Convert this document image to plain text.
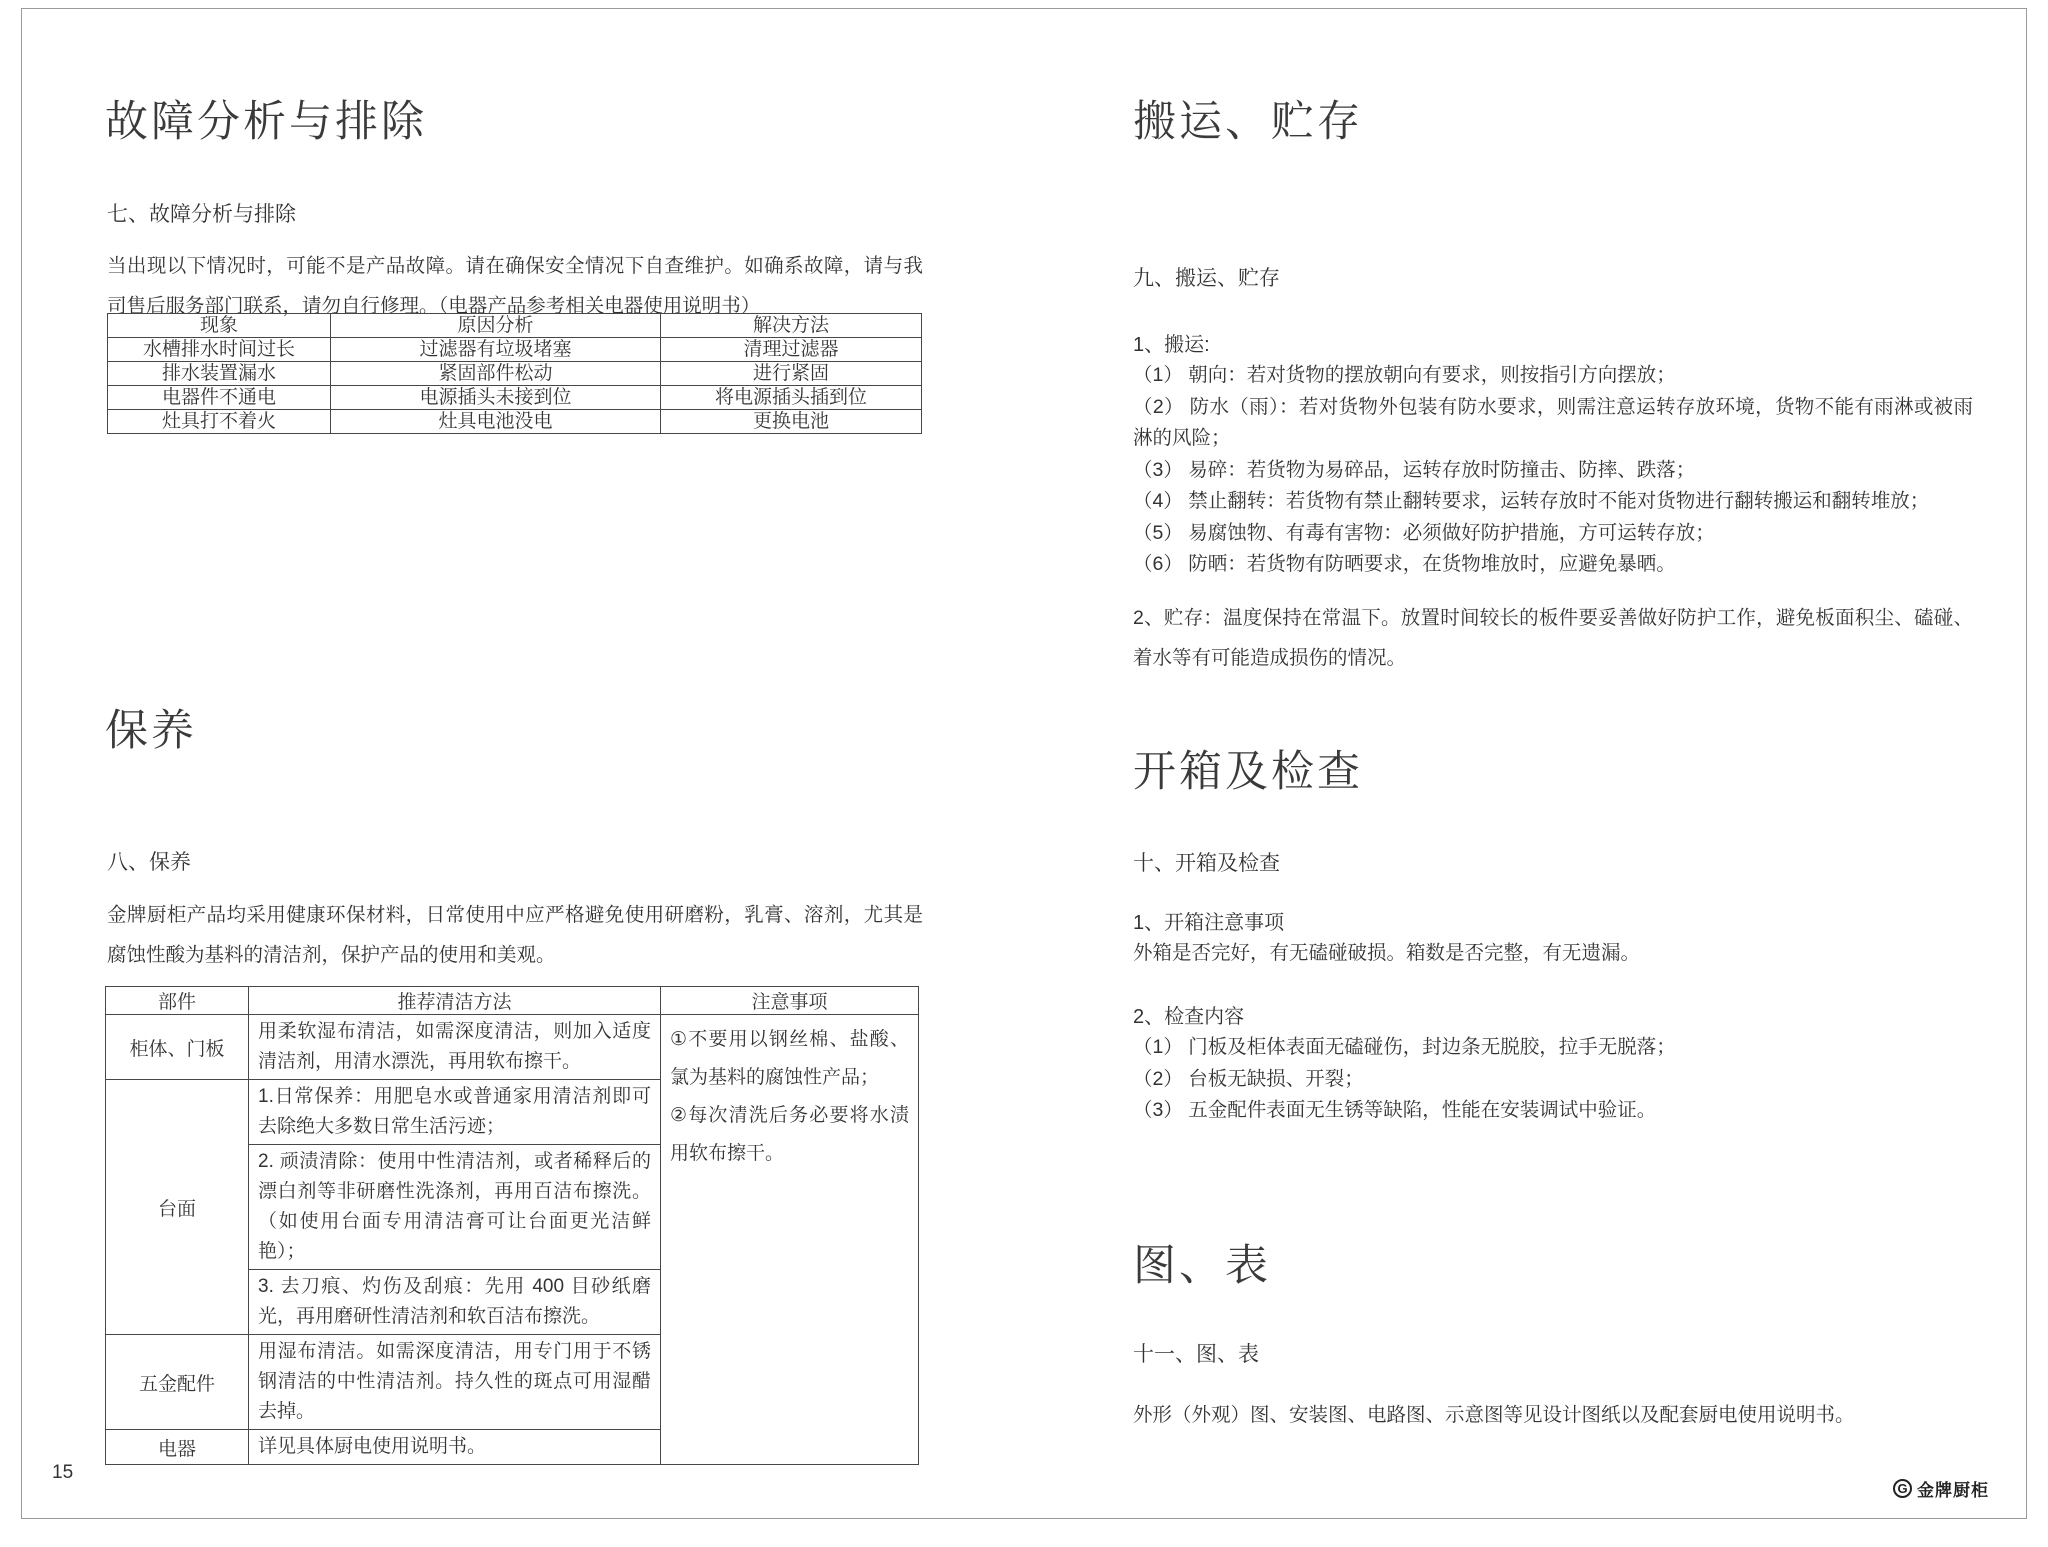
故障分析与排除
七、故障分析与排除
当出现以下情况时，可能不是产品故障。请在确保安全情况下自查维护。如确系故障，请与我司售后服务部门联系，请勿自行修理。（电器产品参考相关电器使用说明书）
现象	原因分析	解决方法
水槽排水时间过长	过滤器有垃圾堵塞	清理过滤器
排水装置漏水	紧固部件松动	进行紧固
电器件不通电	电源插头未接到位	将电源插头插到位
灶具打不着火	灶具电池没电	更换电池
保养
八、保养
金牌厨柜产品均采用健康环保材料，日常使用中应严格避免使用研磨粉，乳膏、溶剂，尤其是腐蚀性酸为基料的清洁剂，保护产品的使用和美观。
部件	推荐清洁方法	注意事项
柜体、门板	用柔软湿布清洁，如需深度清洁，则加入适度清洁剂，用清水漂洗，再用软布擦干。	①不要用以钢丝棉、盐酸、氯为基料的腐蚀性产品；
②每次清洗后务必要将水渍用软布擦干。

台面	1.日常保养：用肥皂水或普通家用清洁剂即可去除绝大多数日常生活污迹；	
	2. 顽渍清除：使用中性清洁剂，或者稀释后的漂白剂等非研磨性洗涤剂，再用百洁布擦洗。（如使用台面专用清洁膏可让台面更光洁鲜艳）；	
	3. 去刀痕、灼伤及刮痕：先用 400 目砂纸磨光，再用磨研性清洁剂和软百洁布擦洗。	
五金配件	用湿布清洁。如需深度清洁，用专门用于不锈钢清洁的中性清洁剂。持久性的斑点可用湿醋去掉。	
电器	详见具体厨电使用说明书。	
搬运、贮存
九、搬运、贮存
1、搬运:
（1） 朝向：若对货物的摆放朝向有要求，则按指引方向摆放；
（2） 防水（雨）：若对货物外包装有防水要求，则需注意运转存放环境，货物不能有雨淋或被雨淋的风险；
（3） 易碎：若货物为易碎品，运转存放时防撞击、防摔、跌落；
（4） 禁止翻转：若货物有禁止翻转要求，运转存放时不能对货物进行翻转搬运和翻转堆放；
（5） 易腐蚀物、有毒有害物：必须做好防护措施，方可运转存放；
（6） 防晒：若货物有防晒要求，在货物堆放时，应避免暴晒。
2、贮存：温度保持在常温下。放置时间较长的板件要妥善做好防护工作，避免板面积尘、磕碰、着水等有可能造成损伤的情况。
开箱及检查
十、开箱及检查
1、开箱注意事项
外箱是否完好，有无磕碰破损。箱数是否完整，有无遗漏。
2、检查内容
（1） 门板及柜体表面无磕碰伤，封边条无脱胶，拉手无脱落；
（2） 台板无缺损、开裂；
（3） 五金配件表面无生锈等缺陷，性能在安装调试中验证。
图、表
十一、图、表
外形（外观）图、安装图、电路图、示意图等见设计图纸以及配套厨电使用说明书。
15
G 金牌厨柜
